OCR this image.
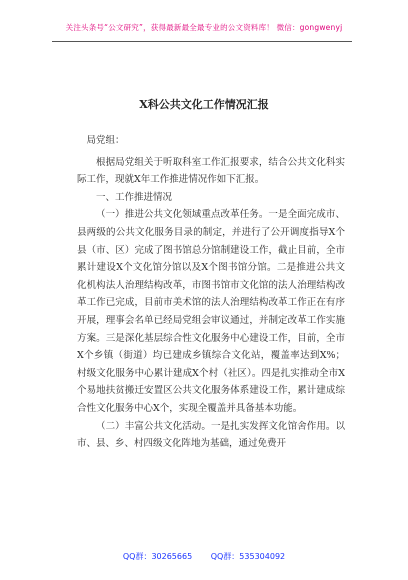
关注头条号“公文研究”，获得最新最全最专业的公文资料库！ 微信：gongwenyj
X科公共文化工作情况汇报

局党组：

根据局党组关于听取科室工作汇报要求，结合公共文化科实际工作，现就X年工作推进情况作如下汇报。

一、工作推进情况

（一）推进公共文化领域重点改革任务。一是全面完成市、县两级的公共文化服务目录的制定，并进行了公开调度指导X个县（市、区）完成了图书馆总分馆制建设工作，截止目前，全市累计建设X个文化馆分馆以及X个图书馆分馆。二是推进公共文化机构法人治理结构改革，市图书馆市文化馆的法人治理结构改革工作已完成，目前市美术馆的法人治理结构改革工作正在有序开展，理事会名单已经局党组会审议通过，并制定改革工作实施方案。三是深化基层综合性文化服务中心建设工作，目前，全市X个乡镇（街道）均已建成乡镇综合文化站，覆盖率达到X%；村级文化服务中心累计建成X个村（社区）。四是扎实推动全市X个易地扶贫搬迁安置区公共文化服务体系建设工作，累计建成综合性文化服务中心X个，实现全覆盖并具备基本功能。

（二）丰富公共文化活动。一是扎实发挥文化馆舍作用。以市、县、乡、村四级文化阵地为基础，通过免费开

QQ群：30265665 QQ群：535304092
